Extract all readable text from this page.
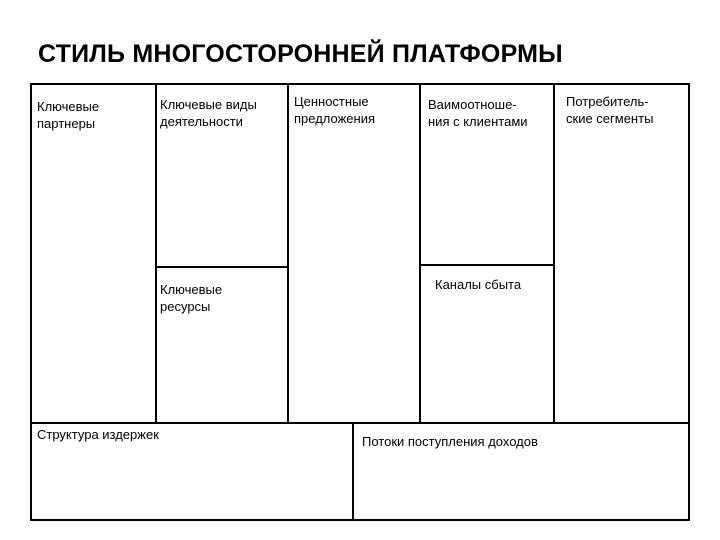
СТИЛЬ МНОГОСТОРОННЕЙ ПЛАТФОРМЫ
Ключевые
партнеры
Ключевые виды
деятельности
Ключевые
ресурсы
Ценностные
предложения
Ваимоотноше-
ния с клиентами
Каналы сбыта
Потребитель-
ские сегменты
Структура издержек	Потоки поступления доходов
